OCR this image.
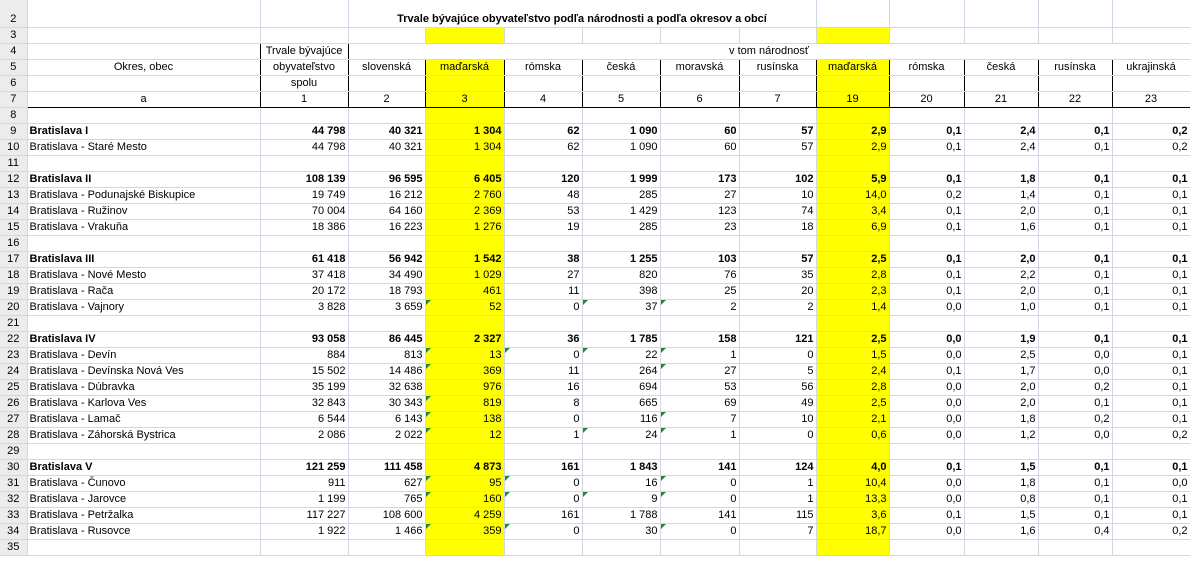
2			Trvale bývajúce obyvateľstvo podľa národnosti a podľa okresov a obcí										
3													
4		Trvale bývajúce	v tom národnosť										
5	Okres, obec	obyvateľstvo	slovenská	maďarská	rómska	česká	moravská	rusínska	maďarská	rómska	česká	rusínska	ukrajinská
6		spolu											
7	a	1	2	3	4	5	6	7	19	20	21	22	23
8													
9	Bratislava I	44 798	40 321	1 304	62	1 090	60	57	2,9	0,1	2,4	0,1	0,2
10	Bratislava - Staré Mesto	44 798	40 321	1 304	62	1 090	60	57	2,9	0,1	2,4	0,1	0,2
11													
12	Bratislava II	108 139	96 595	6 405	120	1 999	173	102	5,9	0,1	1,8	0,1	0,1
13	Bratislava - Podunajské Biskupice	19 749	16 212	2 760	48	285	27	10	14,0	0,2	1,4	0,1	0,1
14	Bratislava - Ružinov	70 004	64 160	2 369	53	1 429	123	74	3,4	0,1	2,0	0,1	0,1
15	Bratislava - Vrakuňa	18 386	16 223	1 276	19	285	23	18	6,9	0,1	1,6	0,1	0,1
16													
17	Bratislava III	61 418	56 942	1 542	38	1 255	103	57	2,5	0,1	2,0	0,1	0,1
18	Bratislava - Nové Mesto	37 418	34 490	1 029	27	820	76	35	2,8	0,1	2,2	0,1	0,1
19	Bratislava - Rača	20 172	18 793	461	11	398	25	20	2,3	0,1	2,0	0,1	0,1
20	Bratislava - Vajnory	3 828	3 659	52	0	37	2	2	1,4	0,0	1,0	0,1	0,1
21													
22	Bratislava IV	93 058	86 445	2 327	36	1 785	158	121	2,5	0,0	1,9	0,1	0,1
23	Bratislava - Devín	884	813	13	0	22	1	0	1,5	0,0	2,5	0,0	0,1
24	Bratislava - Devínska Nová Ves	15 502	14 486	369	11	264	27	5	2,4	0,1	1,7	0,0	0,1
25	Bratislava - Dúbravka	35 199	32 638	976	16	694	53	56	2,8	0,0	2,0	0,2	0,1
26	Bratislava - Karlova Ves	32 843	30 343	819	8	665	69	49	2,5	0,0	2,0	0,1	0,1
27	Bratislava - Lamač	6 544	6 143	138	0	116	7	10	2,1	0,0	1,8	0,2	0,1
28	Bratislava - Záhorská Bystrica	2 086	2 022	12	1	24	1	0	0,6	0,0	1,2	0,0	0,2
29													
30	Bratislava V	121 259	111 458	4 873	161	1 843	141	124	4,0	0,1	1,5	0,1	0,1
31	Bratislava - Čunovo	911	627	95	0	16	0	1	10,4	0,0	1,8	0,1	0,0
32	Bratislava - Jarovce	1 199	765	160	0	9	0	1	13,3	0,0	0,8	0,1	0,1
33	Bratislava - Petržalka	117 227	108 600	4 259	161	1 788	141	115	3,6	0,1	1,5	0,1	0,1
34	Bratislava - Rusovce	1 922	1 466	359	0	30	0	7	18,7	0,0	1,6	0,4	0,2
35													
